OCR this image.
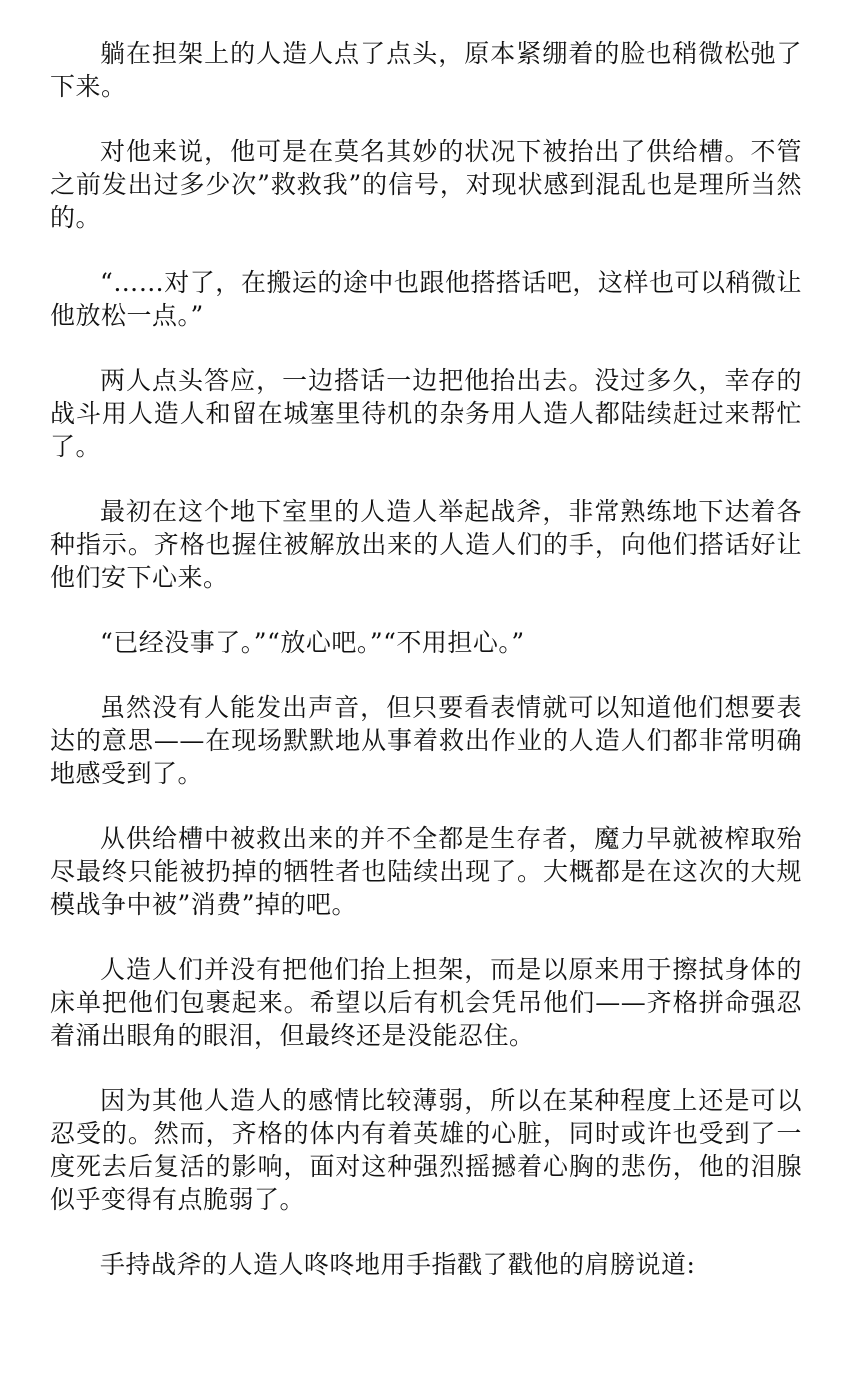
躺在担架上的人造人点了点头，原本紧绷着的脸也稍微松弛了下来。

对他来说，他可是在莫名其妙的状况下被抬出了供给槽。不管之前发出过多少次”救救我”的信号，对现状感到混乱也是理所当然的。

“……对了，在搬运的途中也跟他搭搭话吧，这样也可以稍微让他放松一点。”

两人点头答应，一边搭话一边把他抬出去。没过多久，幸存的战斗用人造人和留在城塞里待机的杂务用人造人都陆续赶过来帮忙了。

最初在这个地下室里的人造人举起战斧，非常熟练地下达着各种指示。齐格也握住被解放出来的人造人们的手，向他们搭话好让他们安下心来。

“已经没事了。”“放心吧。”“不用担心。”

虽然没有人能发出声音，但只要看表情就可以知道他们想要表达的意思——在现场默默地从事着救出作业的人造人们都非常明确地感受到了。

从供给槽中被救出来的并不全都是生存者，魔力早就被榨取殆尽最终只能被扔掉的牺牲者也陆续出现了。大概都是在这次的大规模战争中被”消费”掉的吧。

人造人们并没有把他们抬上担架，而是以原来用于擦拭身体的床单把他们包裹起来。希望以后有机会凭吊他们——齐格拼命强忍着涌出眼角的眼泪，但最终还是没能忍住。

因为其他人造人的感情比较薄弱，所以在某种程度上还是可以忍受的。然而，齐格的体内有着英雄的心脏，同时或许也受到了一度死去后复活的影响，面对这种强烈摇撼着心胸的悲伤，他的泪腺似乎变得有点脆弱了。

手持战斧的人造人咚咚地用手指戳了戳他的肩膀说道:
